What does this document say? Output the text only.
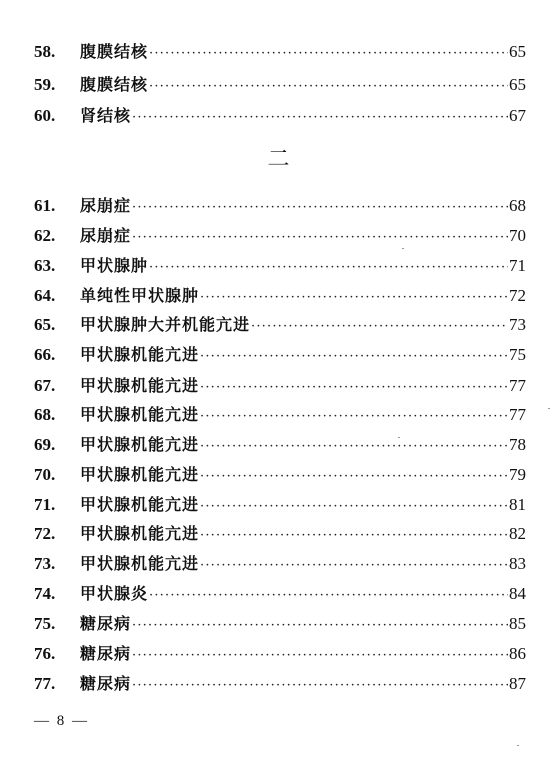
58.	腹膜结核 ·····	65
59.	腹膜结核 ·····	65
60.	肾结核 ·····	67
二
61.	尿崩症 ·····	68
62.	尿崩症 ·····	70
63.	甲状腺肿 ·····	71
64.	单纯性甲状腺肿 ·····	72
65.	甲状腺肿大并机能亢进 ·····	73
66.	甲状腺机能亢进 ·····	75
67.	甲状腺机能亢进 ·····	77
68.	甲状腺机能亢进 ·····	77
69.	甲状腺机能亢进 ·····	78
70.	甲状腺机能亢进 ·····	79
71.	甲状腺机能亢进 ·····	81
72.	甲状腺机能亢进 ·····	82
73.	甲状腺机能亢进 ·····	83
74.	甲状腺炎 ·····	84
75.	糖尿病 ·····	85
76.	糖尿病 ·····	86
77.	糖尿病 ·····	87
— 8 —
